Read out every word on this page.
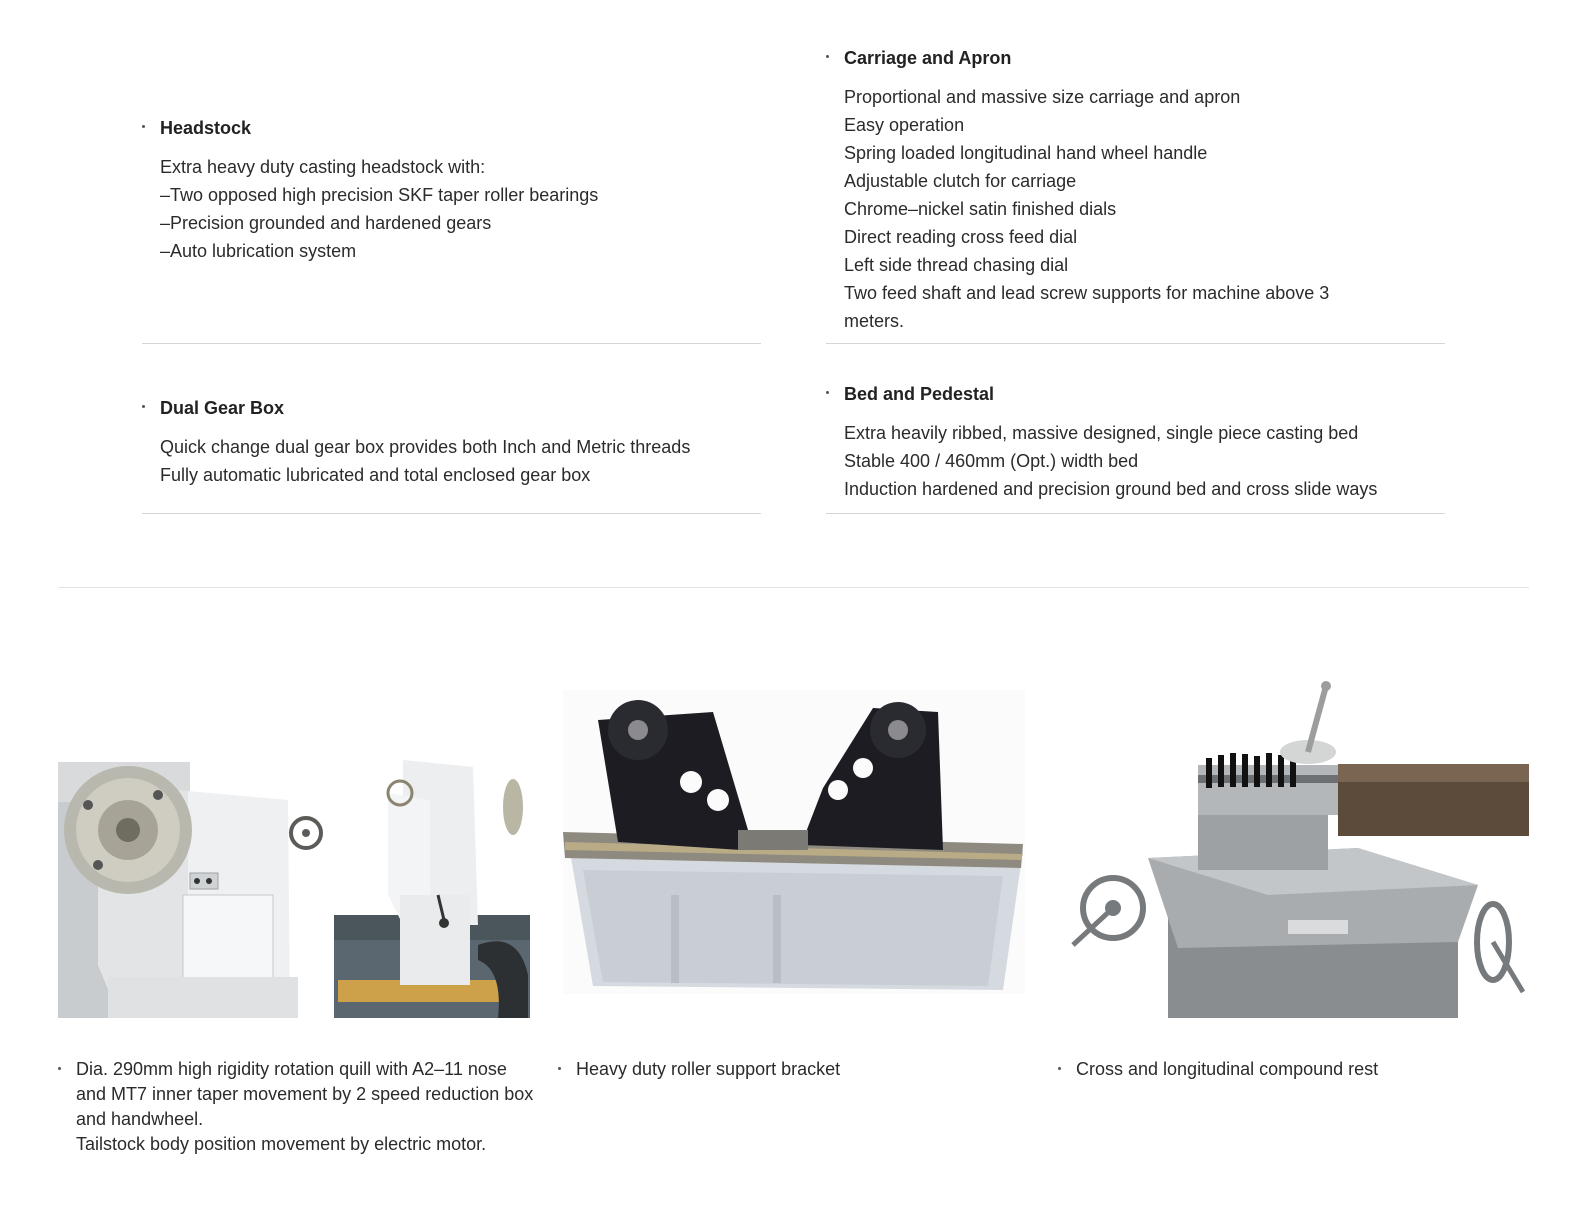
Headstock
Extra heavy duty casting headstock with:
–Two opposed high precision SKF taper roller bearings
–Precision grounded and hardened gears
–Auto lubrication system
Carriage and Apron
Proportional and massive size carriage and apron
Easy operation
Spring loaded longitudinal hand wheel handle
Adjustable clutch for carriage
Chrome–nickel satin finished dials
Direct reading cross feed dial
Left side thread chasing dial
Two feed shaft and lead screw supports for machine above 3 meters.
Dual Gear Box
Quick change dual gear box provides both Inch and Metric threads
Fully automatic lubricated and total enclosed gear box
Bed and Pedestal
Extra heavily ribbed, massive designed, single piece casting bed
Stable 400 / 460mm (Opt.) width bed
Induction hardened and precision ground bed and cross slide ways
Dia. 290mm high rigidity rotation quill with A2–11 nose and MT7 inner taper movement by 2 speed reduction box and handwheel.
Tailstock body position movement by electric motor.
Heavy duty roller support bracket	Cross and longitudinal compound rest
